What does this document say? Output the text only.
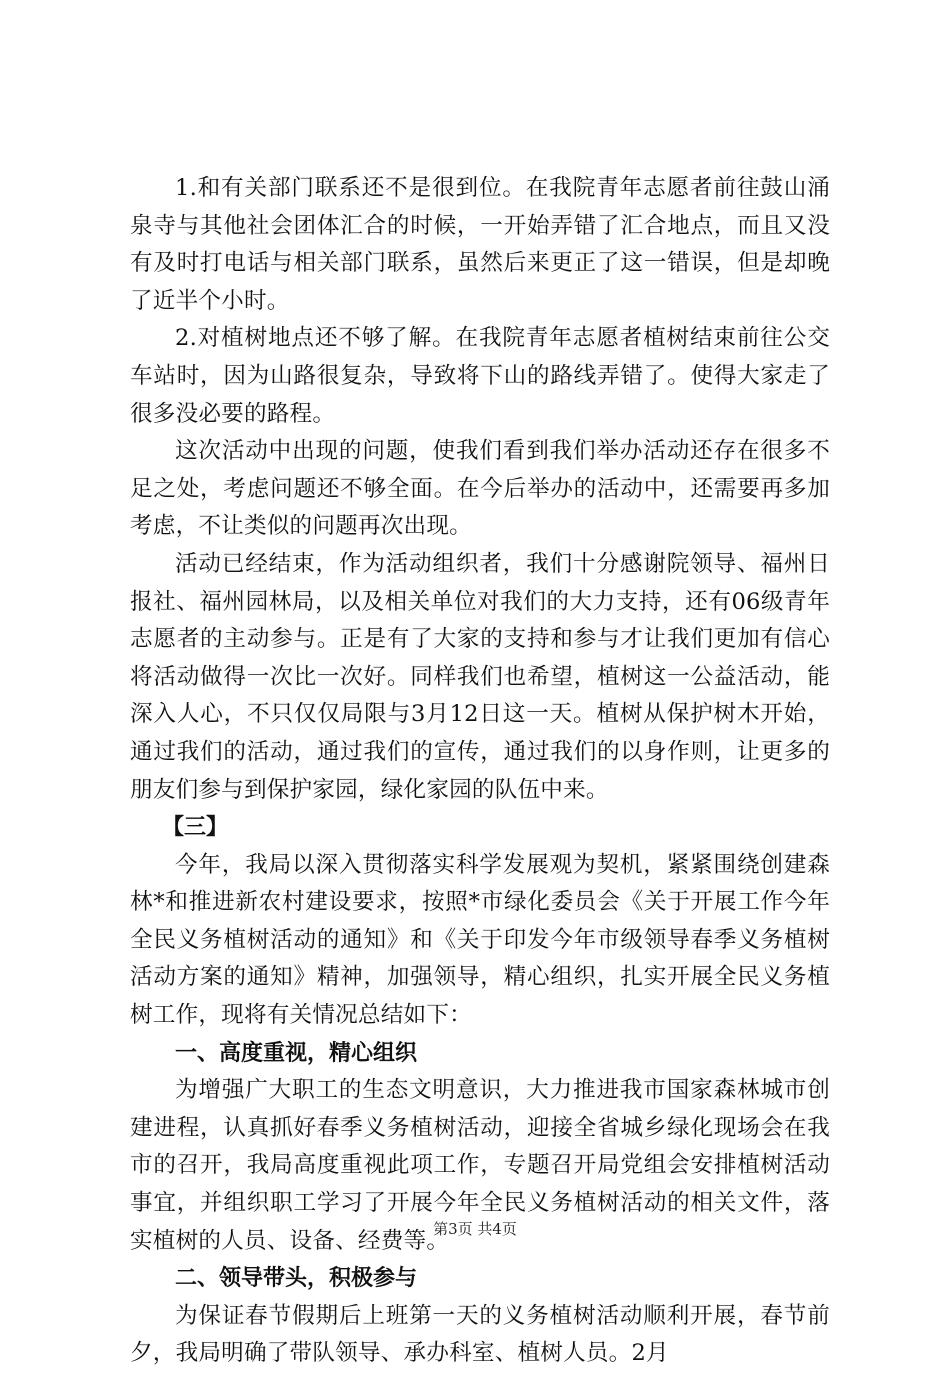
1.和有关部门联系还不是很到位。在我院青年志愿者前往鼓山涌泉寺与其他社会团体汇合的时候，一开始弄错了汇合地点，而且又没有及时打电话与相关部门联系，虽然后来更正了这一错误，但是却晚了近半个小时。

2.对植树地点还不够了解。在我院青年志愿者植树结束前往公交车站时，因为山路很复杂，导致将下山的路线弄错了。使得大家走了很多没必要的路程。

这次活动中出现的问题，使我们看到我们举办活动还存在很多不足之处，考虑问题还不够全面。在今后举办的活动中，还需要再多加考虑，不让类似的问题再次出现。

活动已经结束，作为活动组织者，我们十分感谢院领导、福州日报社、福州园林局，以及相关单位对我们的大力支持，还有06级青年志愿者的主动参与。正是有了大家的支持和参与才让我们更加有信心将活动做得一次比一次好。同样我们也希望，植树这一公益活动，能深入人心，不只仅仅局限与3月12日这一天。植树从保护树木开始，通过我们的活动，通过我们的宣传，通过我们的以身作则，让更多的朋友们参与到保护家园，绿化家园的队伍中来。

【三】

今年，我局以深入贯彻落实科学发展观为契机，紧紧围绕创建森林*和推进新农村建设要求，按照*市绿化委员会《关于开展工作今年全民义务植树活动的通知》和《关于印发今年市级领导春季义务植树活动方案的通知》精神，加强领导，精心组织，扎实开展全民义务植树工作，现将有关情况总结如下：

一、高度重视，精心组织

为增强广大职工的生态文明意识，大力推进我市国家森林城市创建进程，认真抓好春季义务植树活动，迎接全省城乡绿化现场会在我市的召开，我局高度重视此项工作，专题召开局党组会安排植树活动事宜，并组织职工学习了开展今年全民义务植树活动的相关文件，落实植树的人员、设备、经费等。

二、领导带头，积极参与

为保证春节假期后上班第一天的义务植树活动顺利开展，春节前夕，我局明确了带队领导、承办科室、植树人员。2月

第3页 共4页
